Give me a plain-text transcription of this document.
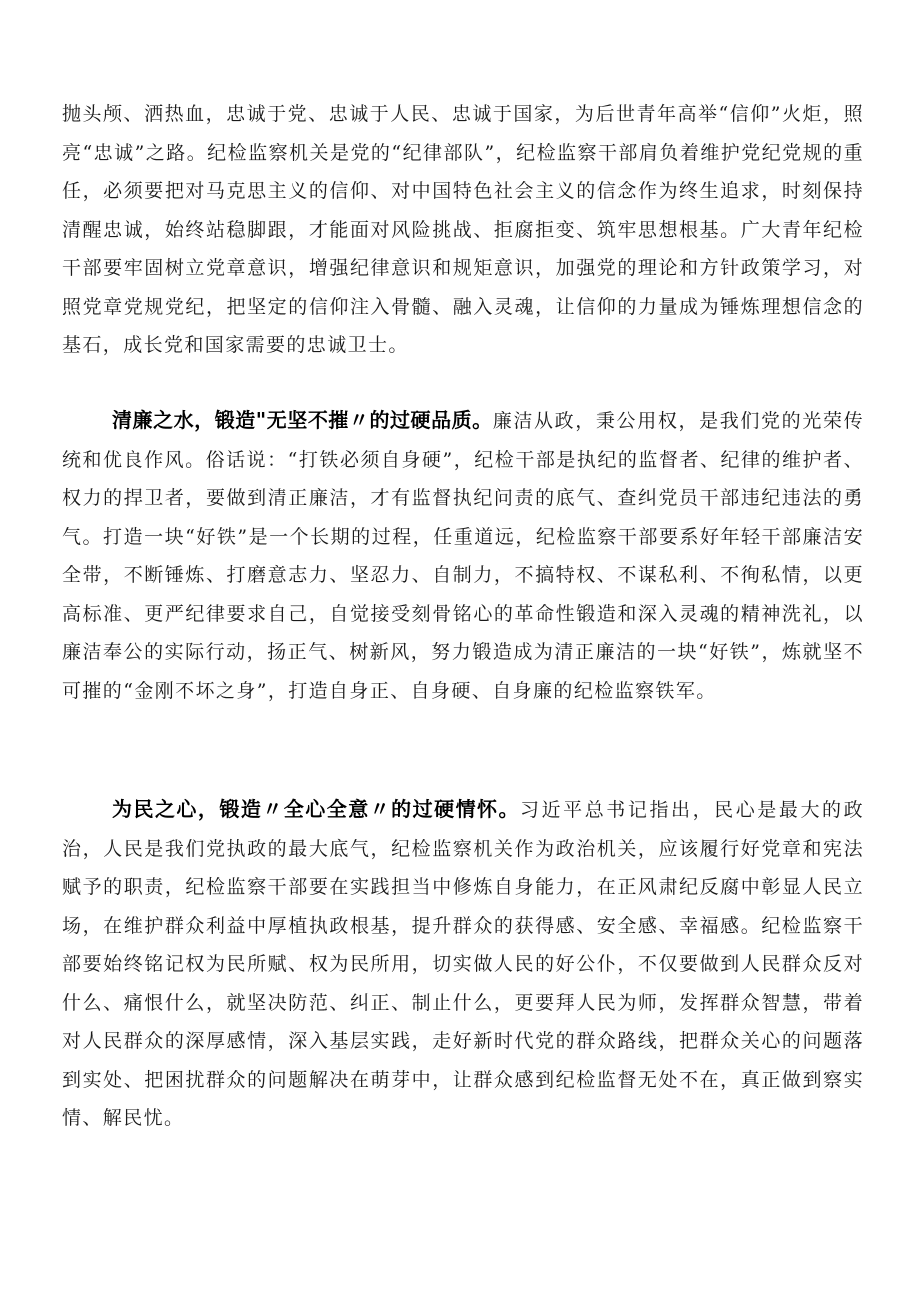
抛头颅、洒热血，忠诚于党、忠诚于人民、忠诚于国家，为后世青年高举“信仰”火炬，照亮“忠诚”之路。纪检监察机关是党的“纪律部队”，纪检监察干部肩负着维护党纪党规的重任，必须要把对马克思主义的信仰、对中国特色社会主义的信念作为终生追求，时刻保持清醒忠诚，始终站稳脚跟，才能面对风险挑战、拒腐拒变、筑牢思想根基。广大青年纪检干部要牢固树立党章意识，增强纪律意识和规矩意识，加强党的理论和方针政策学习，对照党章党规党纪，把坚定的信仰注入骨髓、融入灵魂，让信仰的力量成为锤炼理想信念的基石，成长党和国家需要的忠诚卫士。

清廉之水，锻造"无坚不摧〃的过硬品质。廉洁从政，秉公用权，是我们党的光荣传统和优良作风。俗话说：“打铁必须自身硬”，纪检干部是执纪的监督者、纪律的维护者、权力的捍卫者，要做到清正廉洁，才有监督执纪问责的底气、查纠党员干部违纪违法的勇气。打造一块“好铁”是一个长期的过程，任重道远，纪检监察干部要系好年轻干部廉洁安全带，不断锤炼、打磨意志力、坚忍力、自制力，不搞特权、不谋私利、不徇私情，以更高标准、更严纪律要求自己，自觉接受刻骨铭心的革命性锻造和深入灵魂的精神洗礼，以廉洁奉公的实际行动，扬正气、树新风，努力锻造成为清正廉洁的一块“好铁”，炼就坚不可摧的“金刚不坏之身”，打造自身正、自身硬、自身廉的纪检监察铁军。

为民之心，锻造〃全心全意〃的过硬情怀。习近平总书记指出，民心是最大的政治，人民是我们党执政的最大底气，纪检监察机关作为政治机关，应该履行好党章和宪法赋予的职责，纪检监察干部要在实践担当中修炼自身能力，在正风肃纪反腐中彰显人民立场，在维护群众利益中厚植执政根基，提升群众的获得感、安全感、幸福感。纪检监察干部要始终铭记权为民所赋、权为民所用，切实做人民的好公仆，不仅要做到人民群众反对什么、痛恨什么，就坚决防范、纠正、制止什么，更要拜人民为师，发挥群众智慧，带着对人民群众的深厚感情，深入基层实践，走好新时代党的群众路线，把群众关心的问题落到实处、把困扰群众的问题解决在萌芽中，让群众感到纪检监督无处不在，真正做到察实情、解民忧。
